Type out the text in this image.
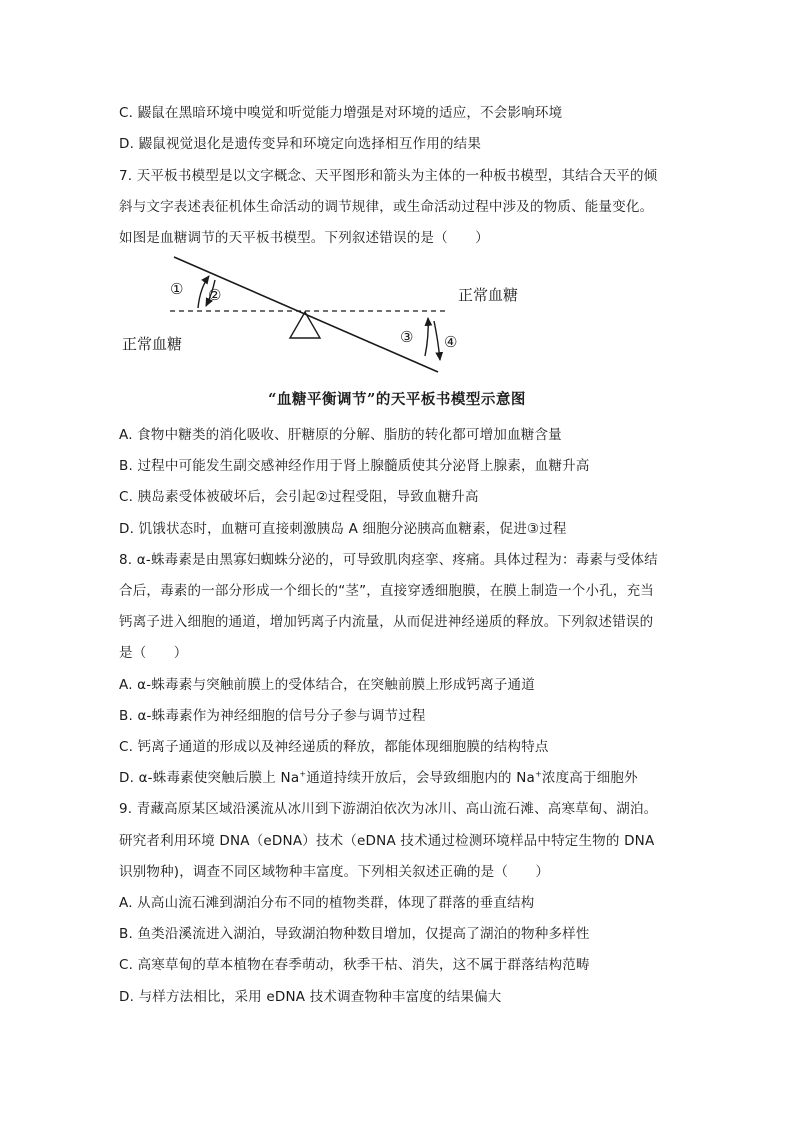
C. 鼹鼠在黑暗环境中嗅觉和听觉能力增强是对环境的适应，不会影响环境
D. 鼹鼠视觉退化是遗传变异和环境定向选择相互作用的结果
7. 天平板书模型是以文字概念、天平图形和箭头为主体的一种板书模型，其结合天平的倾
斜与文字表述表征机体生命活动的调节规律，或生命活动过程中涉及的物质、能量变化。
如图是血糖调节的天平板书模型。下列叙述错误的是（　　）
① ②
③ ④
正常血糖
正常血糖
“血糖平衡调节”的天平板书模型示意图
A. 食物中糖类的消化吸收、肝糖原的分解、脂肪的转化都可增加血糖含量
B. 过程中可能发生副交感神经作用于肾上腺髓质使其分泌肾上腺素，血糖升高
C. 胰岛素受体被破坏后，会引起②过程受阻，导致血糖升高
D. 饥饿状态时，血糖可直接刺激胰岛 A 细胞分泌胰高血糖素，促进③过程
8. α-蛛毒素是由黑寡妇蜘蛛分泌的，可导致肌肉痉挛、疼痛。具体过程为：毒素与受体结
合后，毒素的一部分形成一个细长的“茎”，直接穿透细胞膜，在膜上制造一个小孔，充当
钙离子进入细胞的通道，增加钙离子内流量，从而促进神经递质的释放。下列叙述错误的
是（　　）
A. α-蛛毒素与突触前膜上的受体结合，在突触前膜上形成钙离子通道
B. α-蛛毒素作为神经细胞的信号分子参与调节过程
C. 钙离子通道的形成以及神经递质的释放，都能体现细胞膜的结构特点
D. α-蛛毒素使突触后膜上 Na+通道持续开放后，会导致细胞内的 Na+浓度高于细胞外
9. 青藏高原某区域沿溪流从冰川到下游湖泊依次为冰川、高山流石滩、高寒草甸、湖泊。
研究者利用环境 DNA（eDNA）技术（eDNA 技术通过检测环境样品中特定生物的 DNA
识别物种)，调查不同区域物种丰富度。下列相关叙述正确的是（　　）
A. 从高山流石滩到湖泊分布不同的植物类群，体现了群落的垂直结构
B. 鱼类沿溪流进入湖泊，导致湖泊物种数目增加，仅提高了湖泊的物种多样性
C. 高寒草甸的草本植物在春季萌动，秋季干枯、消失，这不属于群落结构范畴
D. 与样方法相比，采用 eDNA 技术调查物种丰富度的结果偏大
